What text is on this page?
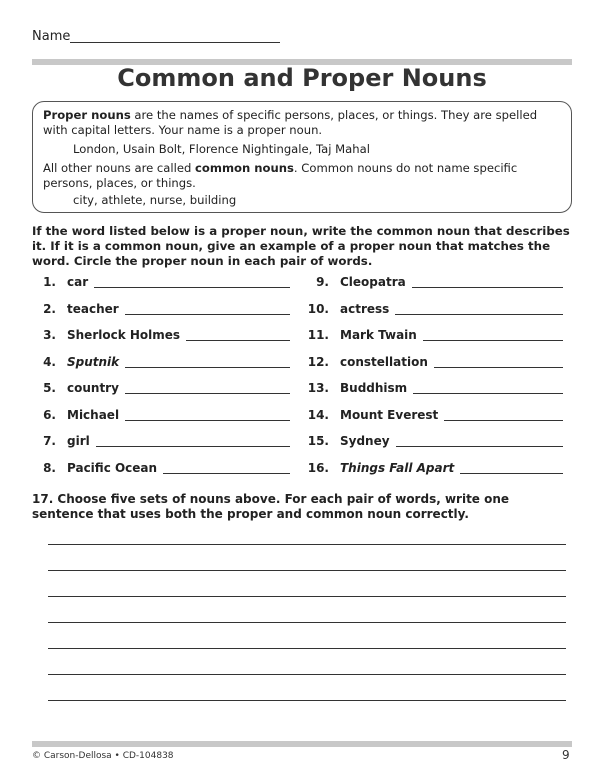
Name
Common and Proper Nouns
Proper nouns are the names of specific persons, places, or things. They are spelled with capital letters. Your name is a proper noun.
London, Usain Bolt, Florence Nightingale, Taj Mahal
All other nouns are called common nouns. Common nouns do not name specific persons, places, or things.
city, athlete, nurse, building
If the word listed below is a proper noun, write the common noun that describes it. If it is a common noun, give an example of a proper noun that matches the word. Circle the proper noun in each pair of words.
1. car
2. teacher
3. Sherlock Holmes
4. Sputnik
5. country
6. Michael
7. girl
8. Pacific Ocean
9. Cleopatra
10. actress
11. Mark Twain
12. constellation
13. Buddhism
14. Mount Everest
15. Sydney
16. Things Fall Apart
17. Choose five sets of nouns above. For each pair of words, write one sentence that uses both the proper and common noun correctly.
© Carson-Dellosa • CD-104838	9
